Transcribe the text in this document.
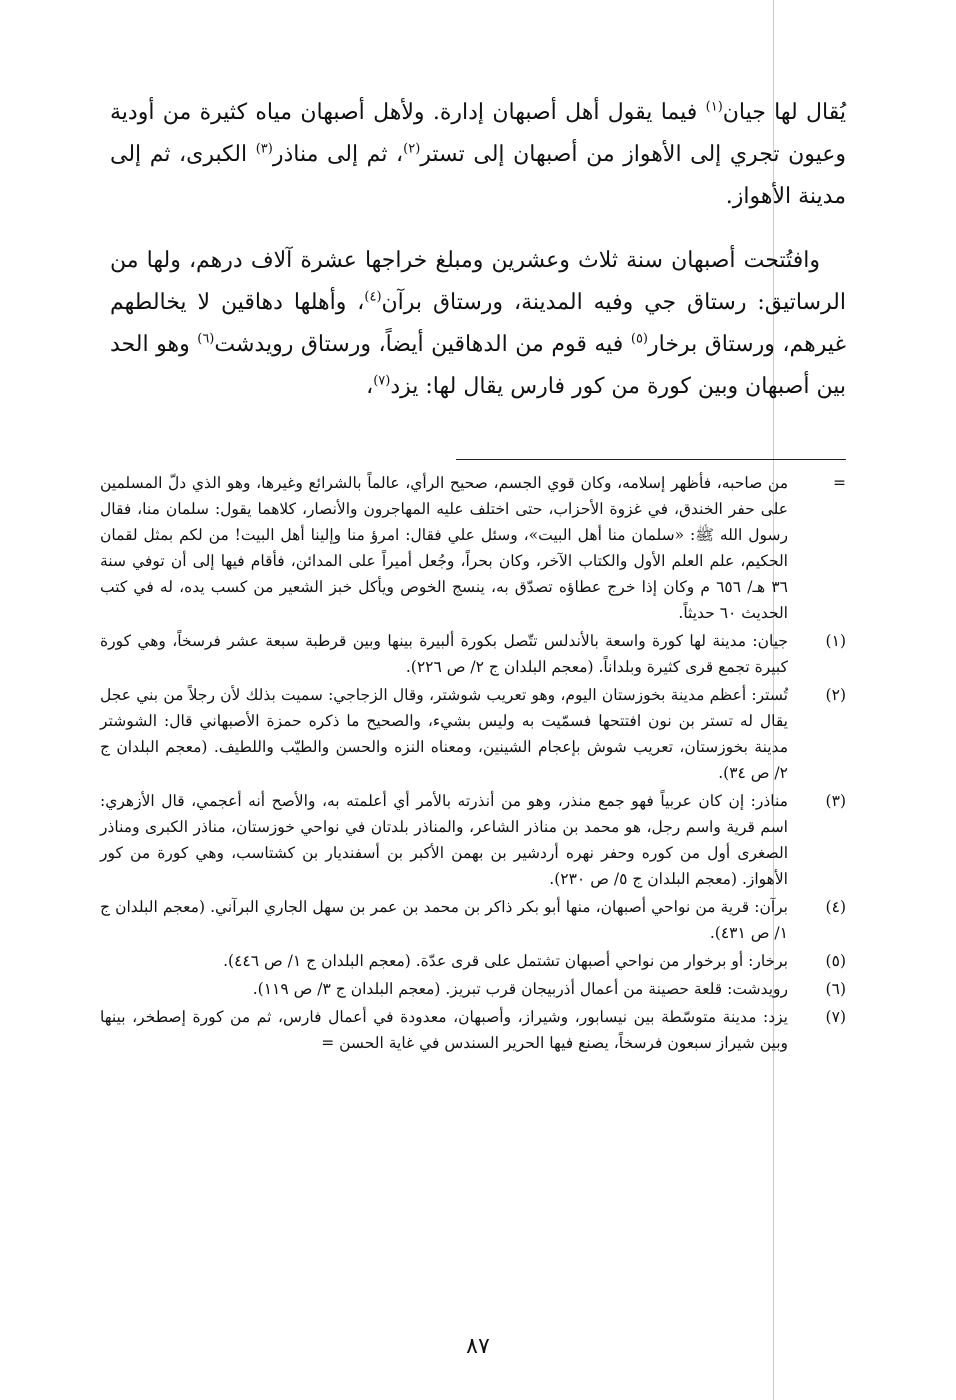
يُقال لها جيان$^{(١)}$ فيما يقول أهل أصبهان إدارة. ولأهل أصبهان مياه كثيرة من أودية وعيون تجري إلى الأهواز من أصبهان إلى تستر$^{(٢)}$، ثم إلى مناذر$^{(٣)}$ الكبرى، ثم إلى مدينة الأهواز.

وافتُتحت أصبهان سنة ثلاث وعشرين ومبلغ خراجها عشرة آلاف درهم، ولها من الرساتيق: رستاق جي وفيه المدينة، ورستاق برآن$^{(٤)}$، وأهلها دهاقين لا يخالطهم غيرهم، ورستاق برخار$^{(٥)}$ فيه قوم من الدهاقين أيضاً، ورستاق رويدشت$^{(٦)}$ وهو الحد بين أصبهان وبين كورة من كور فارس يقال لها: يزد$^{(٧)}$،

=
من صاحبه، فأظهر إسلامه، وكان قوي الجسم، صحيح الرأي، عالماً بالشرائع وغيرها، وهو الذي دلّ المسلمين على حفر الخندق، في غزوة الأحزاب، حتى اختلف عليه المهاجرون والأنصار، كلاهما يقول: سلمان منا، فقال رسول الله ﷺ: «سلمان منا أهل البيت»، وسئل علي فقال: امرؤ منا وإلينا أهل البيت! من لكم بمثل لقمان الحكيم، علم العلم الأول والكتاب الآخر، وكان بحراً، وجُعل أميراً على المدائن، فأقام فيها إلى أن توفي سنة ٣٦ هـ/ ٦٥٦ م وكان إذا خرج عطاؤه تصدّق به، ينسج الخوص ويأكل خبز الشعير من كسب يده، له في كتب الحديث ٦٠ حديثاً.
(١)
جيان: مدينة لها كورة واسعة بالأندلس تتّصل بكورة ألبيرة بينها وبين قرطبة سبعة عشر فرسخاً، وهي كورة كبيرة تجمع قرى كثيرة وبلداناً. (معجم البلدان ج ٢/ ص ٢٢٦).
(٢)
تُستر: أعظم مدينة بخوزستان اليوم، وهو تعريب شوشتر، وقال الزجاجي: سميت بذلك لأن رجلاً من بني عجل يقال له تستر بن نون افتتحها فسمّيت به وليس بشيء، والصحيح ما ذكره حمزة الأصبهاني قال: الشوشتر مدينة بخوزستان، تعريب شوش بإعجام الشينين، ومعناه النزه والحسن والطيّب واللطيف. (معجم البلدان ج ٢/ ص ٣٤).
(٣)
مناذر: إن كان عربياً فهو جمع منذر، وهو من أنذرته بالأمر أي أعلمته به، والأصح أنه أعجمي، قال الأزهري: اسم قرية واسم رجل، هو محمد بن مناذر الشاعر، والمناذر بلدتان في نواحي خوزستان، مناذر الكبرى ومناذر الصغرى أول من كوره وحفر نهره أردشير بن بهمن الأكبر بن أسفنديار بن كشتاسب، وهي كورة من كور الأهواز. (معجم البلدان ج ٥/ ص ٢٣٠).
(٤)
برآن: قرية من نواحي أصبهان، منها أبو بكر ذاكر بن محمد بن عمر بن سهل الجاري البرآني. (معجم البلدان ج ١/ ص ٤٣١).
(٥)
برخار: أو برخوار من نواحي أصبهان تشتمل على قرى عدّة. (معجم البلدان ج ١/ ص ٤٤٦).
(٦)
رويدشت: قلعة حصينة من أعمال أذربيجان قرب تبريز. (معجم البلدان ج ٣/ ص ١١٩).
(٧)
يزد: مدينة متوسّطة بين نيسابور، وشيراز، وأصبهان، معدودة في أعمال فارس، ثم من كورة إصطخر، بينها وبين شيراز سبعون فرسخاً، يصنع فيها الحرير السندس في غاية الحسن =
٨٧
